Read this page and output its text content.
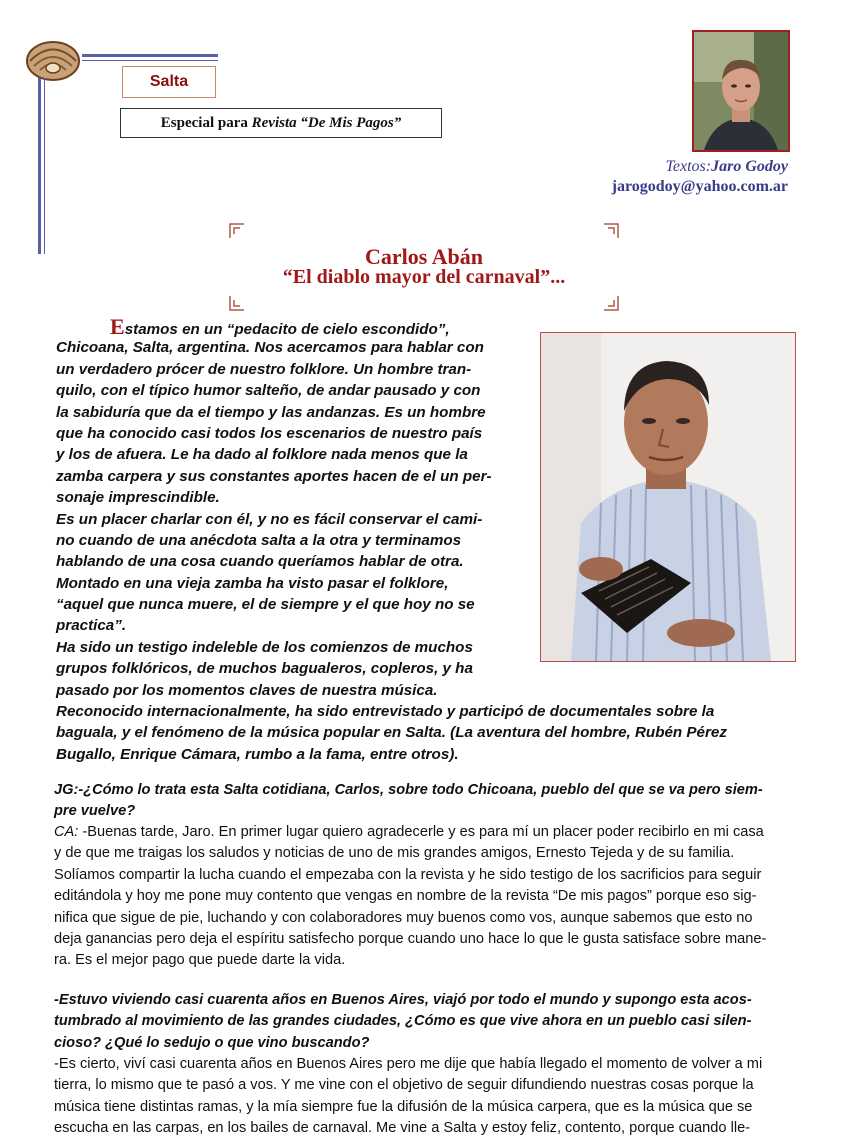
Salta
Especial para Revista “De Mis Pagos”
Textos:Jaro Godoy
jarogodoy@yahoo.com.ar
Carlos Abán
“El diablo mayor del carnaval”...
Estamos en un “pedacito de cielo escondido”,
Chicoana, Salta, argentina. Nos acercamos para hablar con
un verdadero prócer de nuestro folklore. Un hombre tran-
quilo, con el típico humor salteño, de andar pausado y con
la sabiduría que da el tiempo y las andanzas. Es un hombre
que ha conocido casi todos los escenarios de nuestro país
y los de afuera. Le ha dado al folklore nada menos que la
zamba carpera y sus constantes aportes hacen de el un per-
sonaje imprescindible.
Es un placer charlar con él, y no es fácil conservar el cami-
no cuando de una anécdota salta a la otra y terminamos
hablando de una cosa cuando queríamos hablar de otra.
Montado en una vieja zamba ha visto pasar el folklore,
“aquel que nunca muere, el de siempre y el que hoy no se
practica”.
Ha sido un testigo indeleble de los comienzos de muchos
grupos folklóricos, de muchos bagualeros, copleros, y ha
pasado por los momentos claves de nuestra música.
Reconocido internacionalmente, ha sido entrevistado y participó de documentales sobre la
baguala, y el fenómeno de la música popular en Salta. (La aventura del hombre, Rubén Pérez
Bugallo, Enrique Cámara, rumbo a la fama, entre otros).
JG:-¿Cómo lo trata esta Salta cotidiana, Carlos, sobre todo Chicoana, pueblo del que se va pero siem-
pre vuelve?
CA: -Buenas tarde, Jaro. En primer lugar quiero agradecerle y es para mí un placer poder recibirlo en mi casa
y de que me traigas los saludos y noticias de uno de mis grandes amigos, Ernesto Tejeda y de su familia.
Solíamos compartir la lucha cuando el empezaba con la revista y he sido testigo de los sacrificios para seguir
editándola y hoy me pone muy contento que vengas en nombre de la revista “De mis pagos” porque eso sig-
nifica que sigue de pie, luchando y con colaboradores muy buenos como vos, aunque sabemos que esto no
deja ganancias pero deja el espíritu satisfecho porque cuando uno hace lo que le gusta satisface sobre mane-
ra. Es el mejor pago que puede darte la vida.
-Estuvo viviendo casi cuarenta años en Buenos Aires, viajó por todo el mundo y supongo esta acos-
tumbrado al movimiento de las grandes ciudades, ¿Cómo es que vive ahora en un pueblo casi silen-
cioso? ¿Qué lo sedujo o que vino buscando?
-Es cierto, viví casi cuarenta años en Buenos Aires pero me dije que había llegado el momento de volver a mi
tierra, lo mismo que te pasó a vos. Y me vine con el objetivo de seguir difundiendo nuestras cosas porque la
música tiene distintas ramas, y la mía siempre fue la difusión de la música carpera, que es la música que se
escucha en las carpas, en los bailes de carnaval. Me vine a Salta y estoy feliz, contento, porque cuando lle-
